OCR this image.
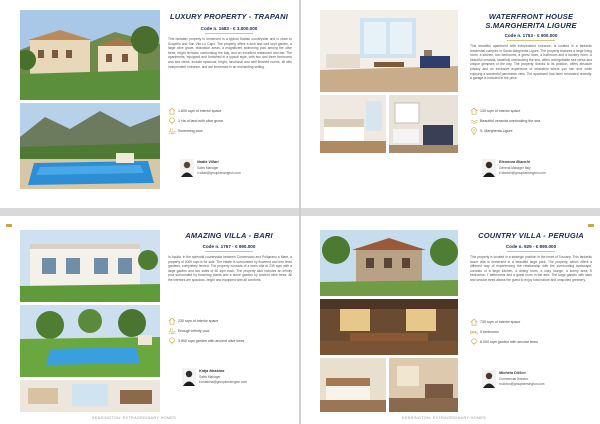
LUXURY PROPERTY - TRAPANI
Code n. 1683 - € 3.000.000
This fantastic property is immersed in a typical Sicilian countryside and is close to Scopello and San Vito Lo Capo. The property offers a lush and well kept garden, a large olive grove, relaxation areas, a magnificent swimming pool among the olive trees, bright terraces overlooking the bay, and an excellent restaurant and bar. The apartments, equipped and furnished in a typical style, with two and three bedrooms and sea views, include spacious, bright, functional and well finished rooms, all with independent entrance, and are immersed in an enchanting setting.
1.800 sqm of interior space
1 Ha of land with olive grove
Swimming pool
Nadia Villari
Sales Manager
n.villari@groupkensington.com
WATERFRONT HOUSE S.MARGHERITA LIGURE
Code n. 1753 - € 900.000
This beautiful apartment with independent entrance, is located in a fantastic residential complex in Santa Margherita Ligure. The property features a large living room, a kitchen, two bedrooms, a guest room, a bathroom and a laundry room. A beautiful veranda, tastefully overlooking the sea, offers unforgettable sea views and unique glimpses of the bay. The property, thanks to its position, offers absolute privacy and an exclusive experience of relaxation where you can dive while enjoying a wonderful panoramic view. The apartment has been renovated recently. A garage is included in the price.
130 sqm of interior space
Beautiful veranda overlooking the sea
S. Margherita Ligure
Eleonora Bianchi
General Manager Italy
e.bianchi@groupkensington.com
AMAZING VILLA - BARI
Code n. 1767 - € 990.000
In Apulia, in the splendid countryside between Conversano and Polignano a Mare, a property of 4000 sqm is for sale. The estate is surrounded by flowered and tree lined gardens, completely fenced. The property consists of a main villa of 230 sqm with a large garden and two sides of 60 sqm each. The property also includes an infinity pool surrounded by flowering plants and a stone gazebo by ancient olive trees. All the interiors are spacious, bright and equipped with all comforts.
230 sqm of interior space
Enough infinity pool
3.800 sqm garden with ancient olive trees
Katja Maskina
Sales Manager
k.maskina@groupkensington.com
KENSINGTON: EXTRAORDINARY HOMES
COUNTRY VILLA - PERUGIA
Code n. 925 - € 890.000
This property is located in a strategic position in the heart of Tuscany. This fantastic stone villa is immersed in a beautiful large park. The property, which offers a different way of experiencing the relationship with the surrounding landscape, consists of a large kitchen, a dining room, a cozy lounge, a sunny area, 5 bedrooms, 7 bathrooms and a guest room in the attic. The large garden with lawn and secular trees allows the guest to enjoy total nature and unspoiled greenery.
730 sqm of interior space
5 bedrooms
8.000 sqm garden with secular trees
Michela DiVico
Commercial Director
m.divico@groupkensington.com
KENSINGTON: EXTRAORDINARY HOMES
